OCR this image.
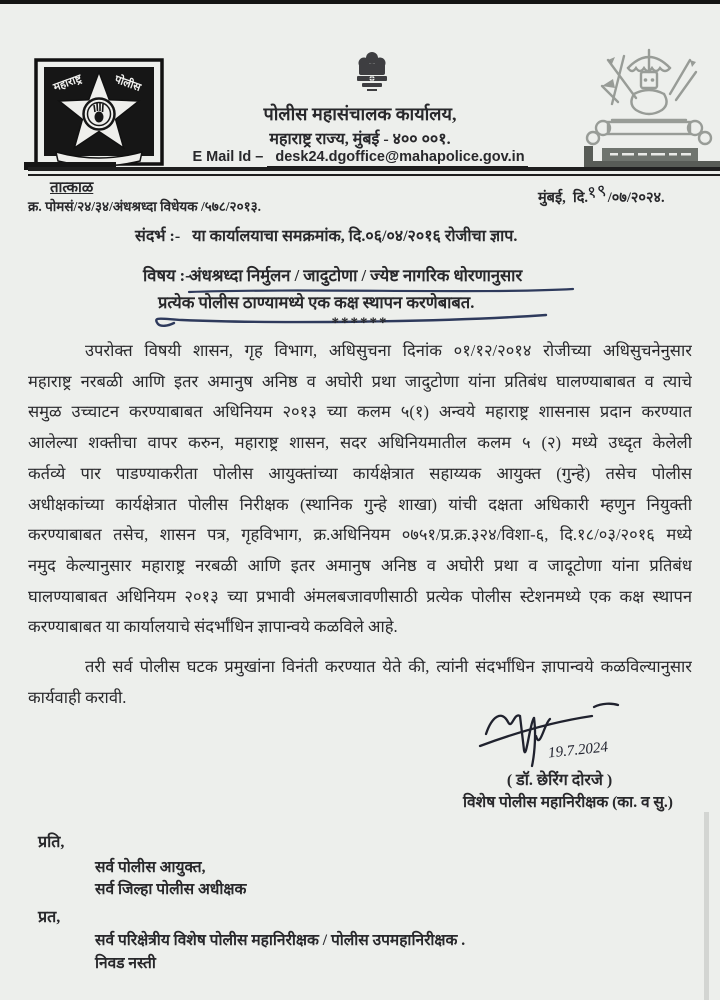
महाराष्ट्र	पोलीस
पोलीस महासंचालक कार्यालय,
महाराष्ट्र राज्य, मुंबई - ४०० ००१.
E Mail Id – desk24.dgoffice@mahapolice.gov.in
तात्काळ
क्र. पोमसं/२४/३४/अंधश्रध्दा विधेयक /५७८/२०१३.
मुंबई, दि.१९/०७/२०२४.
संदर्भ :- या कार्यालयाचा समक्रमांक, दि.०६/०४/२०१६ रोजीचा ज्ञाप.
विषय :-
अंधश्रध्दा निर्मुलन / जादुटोणा / ज्येष्ट नागरिक धोरणानुसार
प्रत्येक पोलीस ठाण्यामध्ये एक कक्ष स्थापन करणेबाबत.
******
उपरोक्त विषयी शासन, गृह विभाग, अधिसुचना दिनांक ०१/१२/२०१४ रोजीच्या अधिसुचनेनुसार
महाराष्ट्र नरबळी आणि इतर अमानुष अनिष्ठ व अघोरी प्रथा जादुटोणा यांना प्रतिबंध घालण्याबाबत व त्याचे
समुळ उच्चाटन करण्याबाबत अधिनियम २०१३ च्या कलम ५(१) अन्वये महाराष्ट्र शासनास प्रदान करण्यात
आलेल्या शक्तीचा वापर करुन, महाराष्ट्र शासन, सदर अधिनियमातील कलम ५ (२) मध्ये उध्दृत केलेली
कर्तव्ये पार पाडण्याकरीता पोलीस आयुक्तांच्या कार्यक्षेत्रात सहाय्यक आयुक्त (गुन्हे) तसेच पोलीस
अधीक्षकांच्या कार्यक्षेत्रात पोलीस निरीक्षक (स्थानिक गुन्हे शाखा) यांची दक्षता अधिकारी म्हणुन नियुक्ती
करण्याबाबत तसेच, शासन पत्र, गृहविभाग, क्र.अधिनियम ०७५१/प्र.क्र.३२४/विशा-६, दि.१८/०३/२०१६ मध्ये
नमुद केल्यानुसार महाराष्ट्र नरबळी आणि इतर अमानुष अनिष्ठ व अघोरी प्रथा व जादूटोणा यांना प्रतिबंध
घालण्याबाबत अधिनियम २०१३ च्या प्रभावी अंमलबजावणीसाठी प्रत्येक पोलीस स्टेशनमध्ये एक कक्ष स्थापन
करण्याबाबत या कार्यालयाचे संदर्भांधिन ज्ञापान्वये कळविले आहे.
तरी सर्व पोलीस घटक प्रमुखांना विनंती करण्यात येते की, त्यांनी संदर्भांधिन ज्ञापान्वये कळविल्यानुसार
कार्यवाही करावी.
19.7.2024
( डॉ. छेरिंग दोरजे )
विशेष पोलीस महानिरीक्षक (का. व सु.)
प्रति,
सर्व पोलीस आयुक्त,
सर्व जिल्हा पोलीस अधीक्षक
प्रत,
सर्व परिक्षेत्रीय विशेष पोलीस महानिरीक्षक / पोलीस उपमहानिरीक्षक .
निवड नस्ती
